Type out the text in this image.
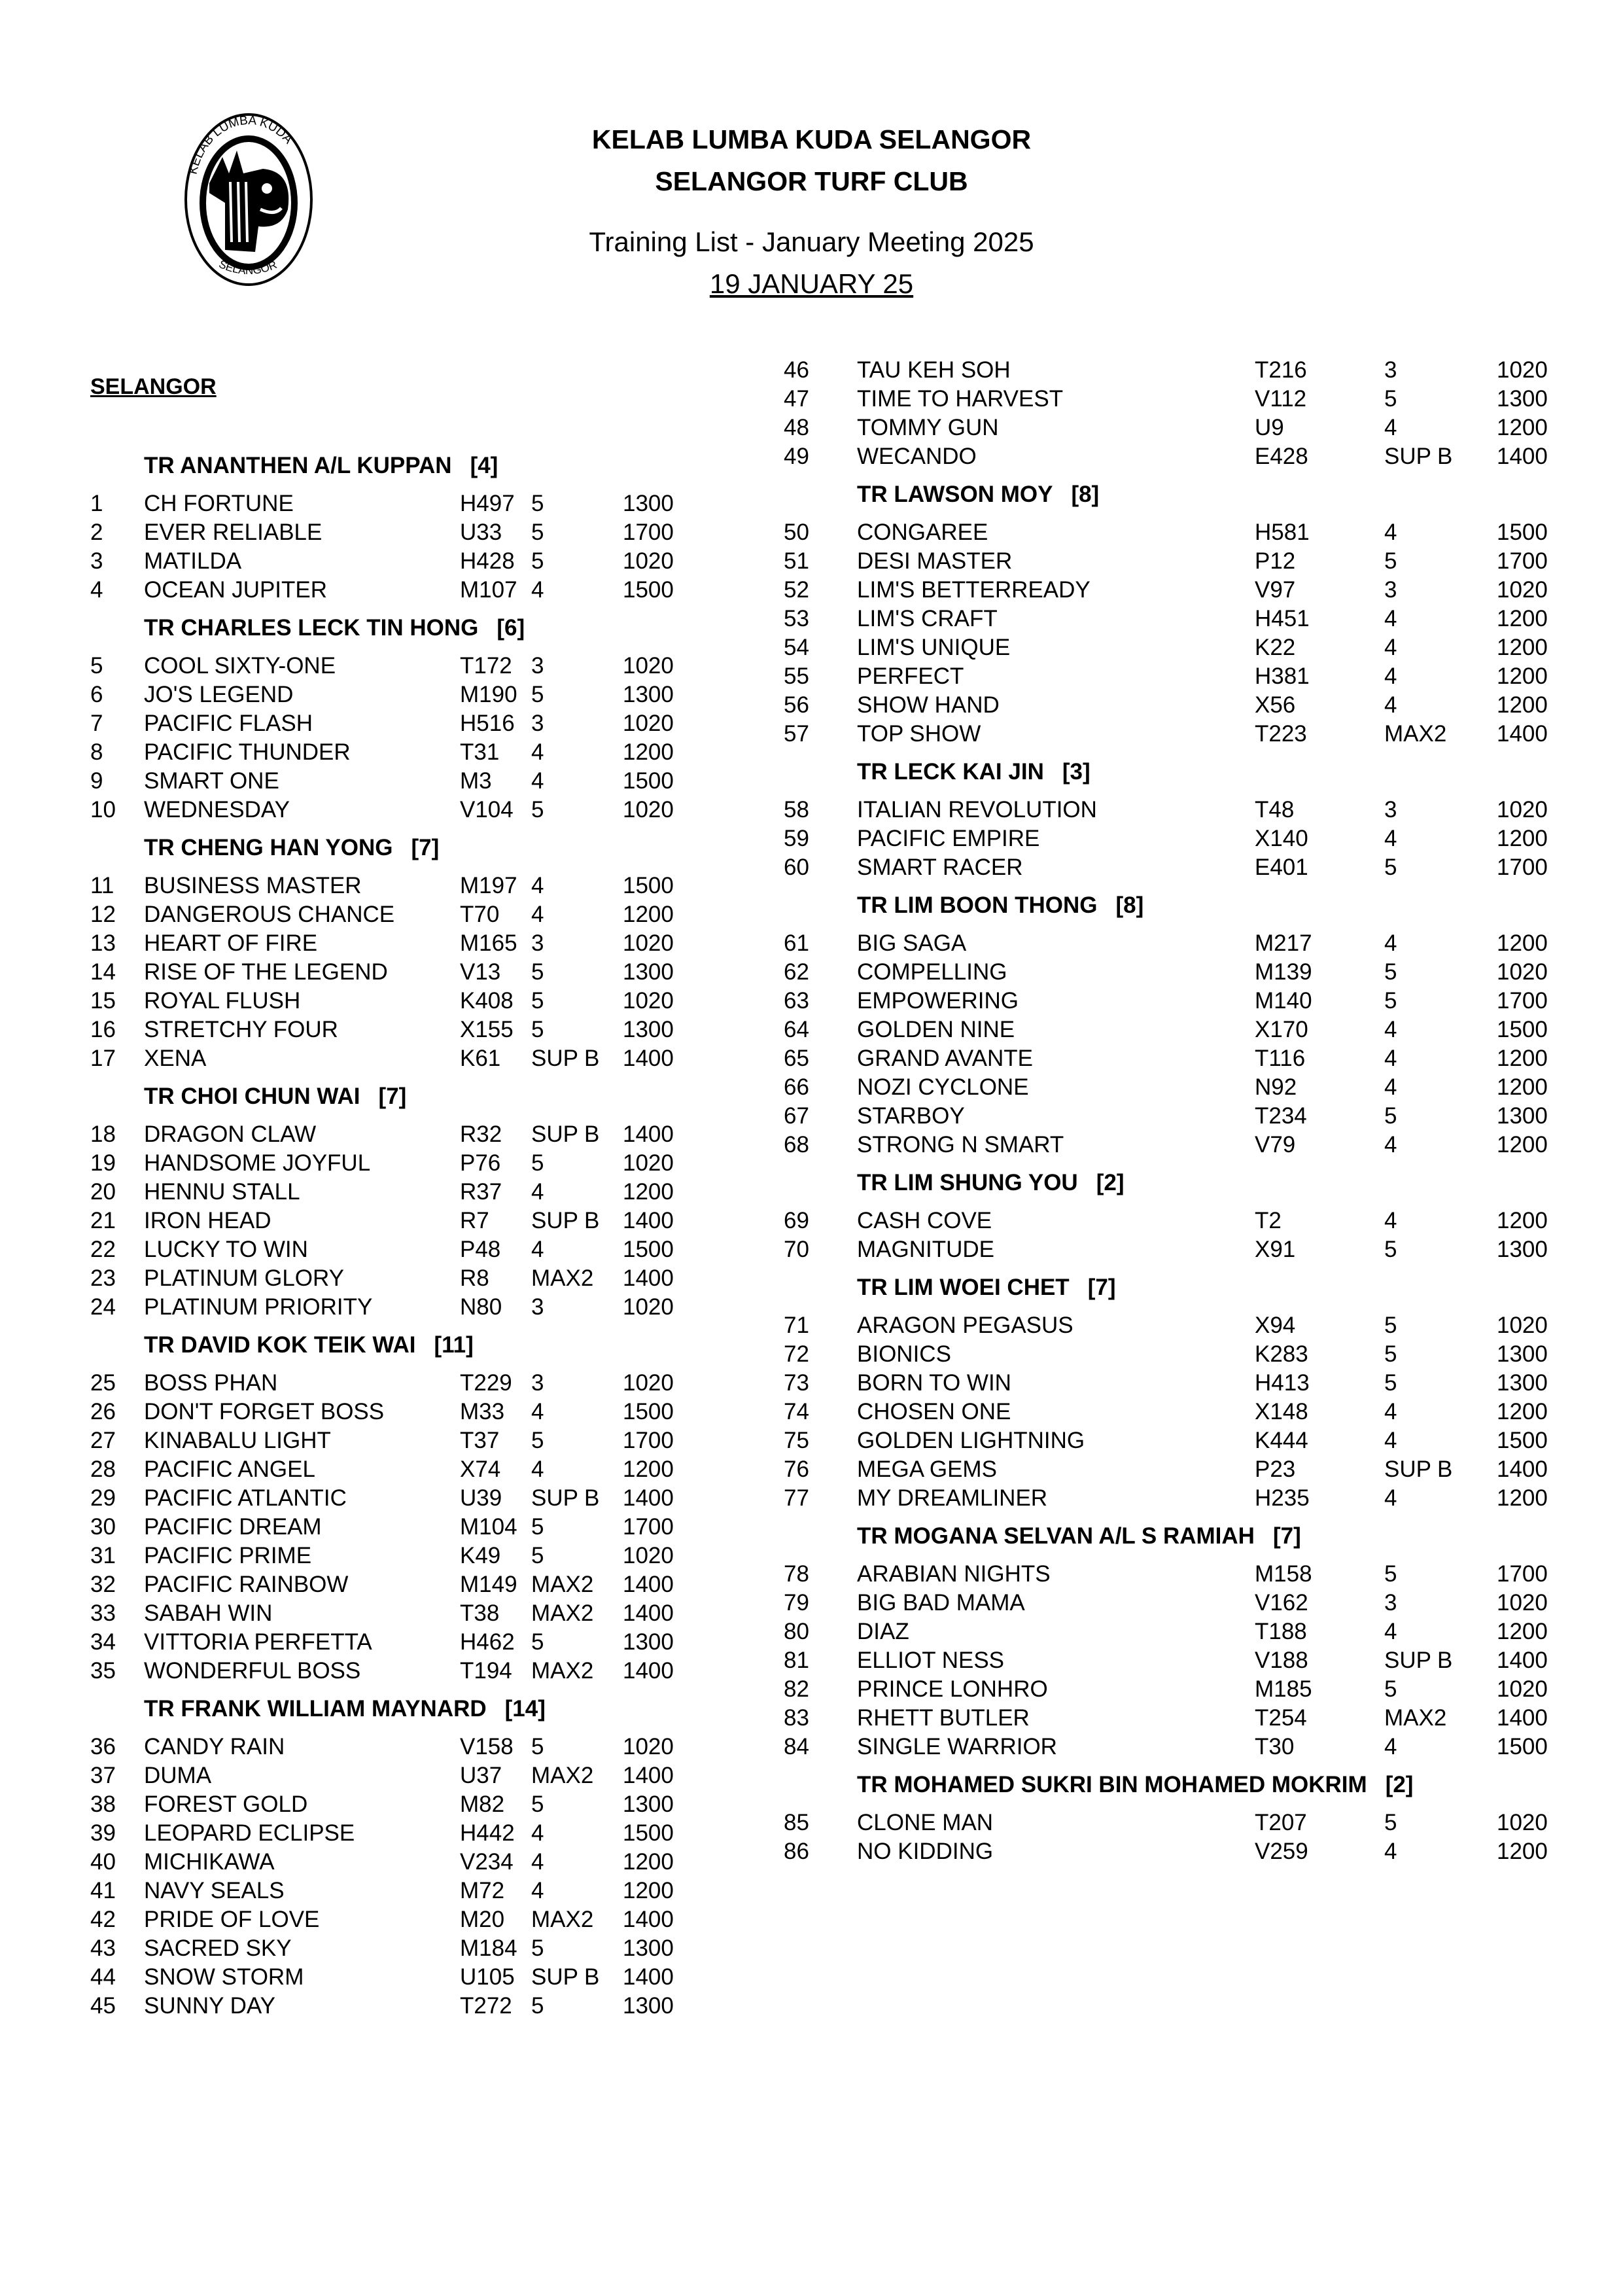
KELAB LUMBA KUDA
SELANGOR
KELAB LUMBA KUDA SELANGOR
SELANGOR TURF CLUB
Training List - January Meeting 2025
19 JANUARY 25
SELANGOR
TR ANANTHEN A/L KUPPAN [4]
1 CH FORTUNE	H497 5	1300
2 EVER RELIABLE	U33 5	1700
3 MATILDA	H428 5	1020
4 OCEAN JUPITER	M107 4	1500
TR CHARLES LECK TIN HONG [6]
5 COOL SIXTY-ONE	T172 3	1020
6 JO'S LEGEND	M190 5	1300
7 PACIFIC FLASH	H516 3	1020
8 PACIFIC THUNDER	T31 4	1200
9 SMART ONE	M3 4	1500
10 WEDNESDAY	V104 5	1020
TR CHENG HAN YONG [7]
11 BUSINESS MASTER	M197 4	1500
12 DANGEROUS CHANCE	T70 4	1200
13 HEART OF FIRE	M165 3	1020
14 RISE OF THE LEGEND	V13 5	1300
15 ROYAL FLUSH	K408 5	1020
16 STRETCHY FOUR	X155 5	1300
17 XENA	K61 SUP B 1400
TR CHOI CHUN WAI [7]
18 DRAGON CLAW	R32 SUP B 1400
19 HANDSOME JOYFUL	P76 5	1020
20 HENNU STALL	R37 4	1200
21 IRON HEAD	R7 SUP B 1400
22 LUCKY TO WIN	P48 4	1500
23 PLATINUM GLORY	R8 MAX2 1400
24 PLATINUM PRIORITY	N80 3	1020
TR DAVID KOK TEIK WAI [11]
25 BOSS PHAN	T229 3	1020
26 DON'T FORGET BOSS	M33 4	1500
27 KINABALU LIGHT	T37 5	1700
28 PACIFIC ANGEL	X74 4	1200
29 PACIFIC ATLANTIC	U39 SUP B 1400
30 PACIFIC DREAM	M104 5	1700
31 PACIFIC PRIME	K49 5	1020
32 PACIFIC RAINBOW	M149 MAX2 1400
33 SABAH WIN	T38 MAX2 1400
34 VITTORIA PERFETTA	H462 5	1300
35 WONDERFUL BOSS	T194 MAX2 1400
TR FRANK WILLIAM MAYNARD [14]
36 CANDY RAIN	V158 5	1020
37 DUMA	U37 MAX2 1400
38 FOREST GOLD	M82 5	1300
39 LEOPARD ECLIPSE	H442 4	1500
40 MICHIKAWA	V234 4	1200
41 NAVY SEALS	M72 4	1200
42 PRIDE OF LOVE	M20 MAX2 1400
43 SACRED SKY	M184 5	1300
44 SNOW STORM	U105 SUP B 1400
45 SUNNY DAY	T272 5	1300
46 TAU KEH SOH	T216	3	1020
47 TIME TO HARVEST	V112	5	1300
48 TOMMY GUN	U9	4	1200
49 WECANDO	E428	SUP B 1400
TR LAWSON MOY [8]
50 CONGAREE	H581	4	1500
51 DESI MASTER	P12	5	1700
52 LIM'S BETTERREADY	V97	3	1020
53 LIM'S CRAFT	H451	4	1200
54 LIM'S UNIQUE	K22	4	1200
55 PERFECT	H381	4	1200
56 SHOW HAND	X56	4	1200
57 TOP SHOW	T223	MAX2 1400
TR LECK KAI JIN [3]
58 ITALIAN REVOLUTION	T48	3	1020
59 PACIFIC EMPIRE	X140	4	1200
60 SMART RACER	E401	5	1700
TR LIM BOON THONG [8]
61 BIG SAGA	M217	4	1200
62 COMPELLING	M139	5	1020
63 EMPOWERING	M140	5	1700
64 GOLDEN NINE	X170	4	1500
65 GRAND AVANTE	T116	4	1200
66 NOZI CYCLONE	N92	4	1200
67 STARBOY	T234	5	1300
68 STRONG N SMART	V79	4	1200
TR LIM SHUNG YOU [2]
69 CASH COVE	T2	4	1200
70 MAGNITUDE	X91	5	1300
TR LIM WOEI CHET [7]
71 ARAGON PEGASUS	X94	5	1020
72 BIONICS	K283	5	1300
73 BORN TO WIN	H413	5	1300
74 CHOSEN ONE	X148	4	1200
75 GOLDEN LIGHTNING	K444	4	1500
76 MEGA GEMS	P23	SUP B 1400
77 MY DREAMLINER	H235	4	1200
TR MOGANA SELVAN A/L S RAMIAH [7]
78 ARABIAN NIGHTS	M158	5	1700
79 BIG BAD MAMA	V162	3	1020
80 DIAZ	T188	4	1200
81 ELLIOT NESS	V188	SUP B 1400
82 PRINCE LONHRO	M185	5	1020
83 RHETT BUTLER	T254	MAX2 1400
84 SINGLE WARRIOR	T30	4	1500
TR MOHAMED SUKRI BIN MOHAMED MOKRIM [2]
85 CLONE MAN	T207	5	1020
86 NO KIDDING	V259	4	1200
